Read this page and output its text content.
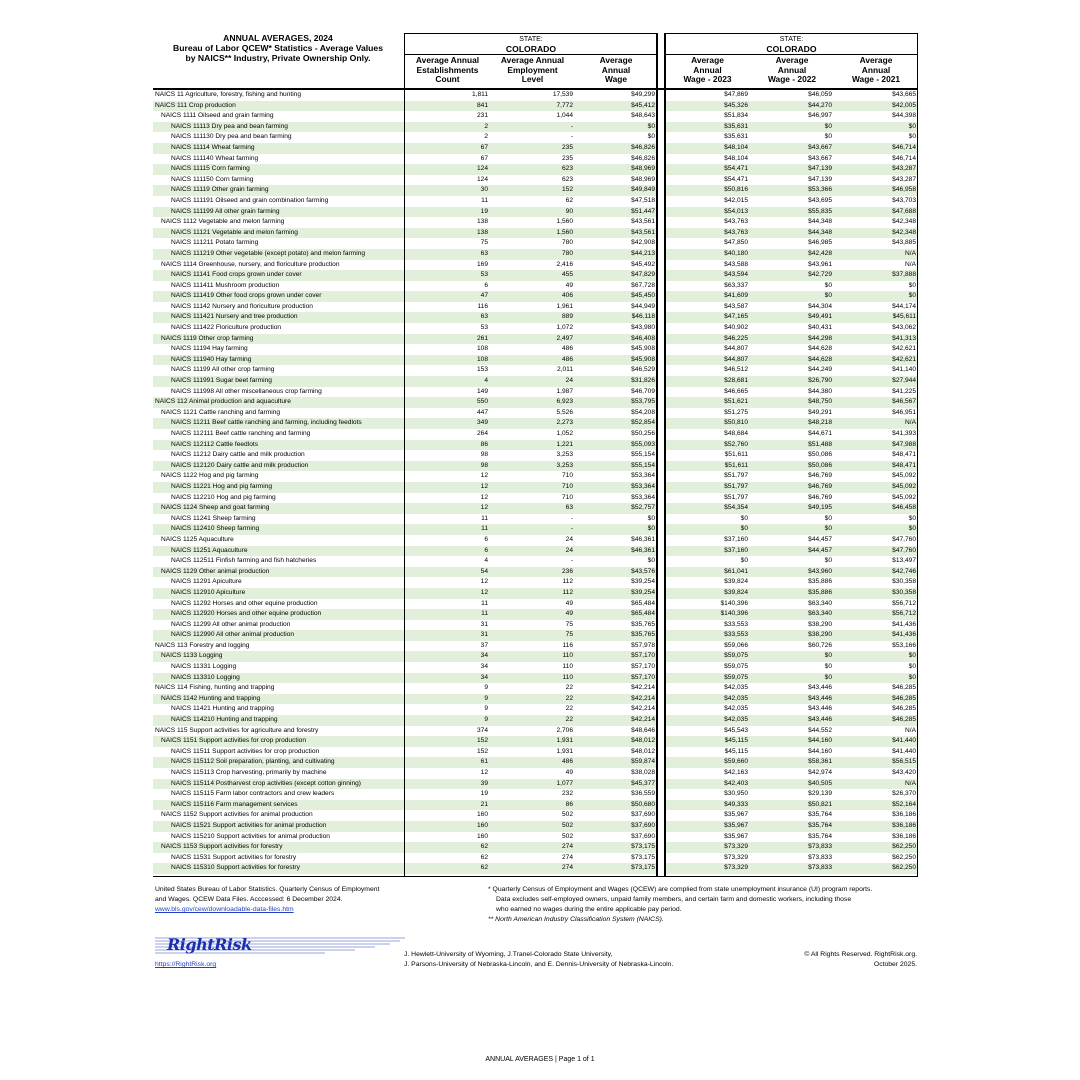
ANNUAL AVERAGES, 2024
Bureau of Labor QCEW* Statistics - Average Values
by NAICS** Industry, Private Ownership Only.
STATE:
COLORADO
STATE:
COLORADO
Average Annual
Establishments
Count
Average Annual
Employment
Level
Average
Annual
Wage
Average
Annual
Wage - 2023
Average
Annual
Wage - 2022
Average
Annual
Wage - 2021
NAICS 11 Agriculture, forestry, fishing and hunting	1,811	17,539	$49,299		$47,869	$46,059	$43,665
NAICS 111 Crop production	841	7,772	$45,412		$45,326	$44,270	$42,005
NAICS 1111 Oilseed and grain farming	231	1,044	$48,643		$51,834	$46,997	$44,398
NAICS 11113 Dry pea and bean farming	2	-	$0		$35,631	$0	$0
NAICS 111130 Dry pea and bean farming	2	-	$0		$35,631	$0	$0
NAICS 11114 Wheat farming	67	235	$46,826		$48,104	$43,667	$46,714
NAICS 111140 Wheat farming	67	235	$46,826		$48,104	$43,667	$46,714
NAICS 11115 Corn farming	124	623	$48,969		$54,471	$47,139	$43,287
NAICS 111150 Corn farming	124	623	$48,969		$54,471	$47,139	$43,287
NAICS 11119 Other grain farming	30	152	$49,849		$50,816	$53,366	$46,958
NAICS 111191 Oilseed and grain combination farming	11	62	$47,518		$42,015	$43,695	$43,703
NAICS 111199 All other grain farming	19	90	$51,447		$54,013	$55,835	$47,688
NAICS 1112 Vegetable and melon farming	138	1,560	$43,561		$43,763	$44,348	$42,348
NAICS 11121 Vegetable and melon farming	138	1,560	$43,561		$43,763	$44,348	$42,348
NAICS 111211 Potato farming	75	780	$42,908		$47,850	$46,985	$43,885
NAICS 111219 Other vegetable (except potato) and melon farming	63	780	$44,213		$40,180	$42,428	N/A
NAICS 1114 Greenhouse, nursery, and floriculture production	169	2,416	$45,492		$43,588	$43,961	N/A
NAICS 11141 Food crops grown under cover	53	455	$47,829		$43,594	$42,729	$37,888
NAICS 111411 Mushroom production	6	49	$67,728		$63,337	$0	$0
NAICS 111419 Other food crops grown under cover	47	406	$45,450		$41,609	$0	$0
NAICS 11142 Nursery and floriculture production	116	1,961	$44,949		$43,587	$44,304	$44,174
NAICS 111421 Nursery and tree production	63	889	$46,118		$47,165	$49,491	$45,611
NAICS 111422 Floriculture production	53	1,072	$43,980		$40,902	$40,431	$43,062
NAICS 1119 Other crop farming	261	2,497	$46,408		$46,225	$44,298	$41,313
NAICS 11194 Hay farming	108	486	$45,908		$44,807	$44,628	$42,621
NAICS 111940 Hay farming	108	486	$45,908		$44,807	$44,628	$42,621
NAICS 11199 All other crop farming	153	2,011	$46,529		$46,512	$44,249	$41,140
NAICS 111991 Sugar beet farming	4	24	$31,826		$28,681	$26,790	$27,944
NAICS 111998 All other miscellaneous crop farming	149	1,987	$46,709		$46,665	$44,380	$41,225
NAICS 112 Animal production and aquaculture	550	6,923	$53,795		$51,621	$48,750	$46,567
NAICS 1121 Cattle ranching and farming	447	5,526	$54,208		$51,275	$49,291	$46,951
NAICS 11211 Beef cattle ranching and farming, including feedlots	349	2,273	$52,854		$50,810	$48,218	N/A
NAICS 112111 Beef cattle ranching and farming	264	1,052	$50,256		$48,684	$44,671	$41,393
NAICS 112112 Cattle feedlots	86	1,221	$55,093		$52,760	$51,488	$47,988
NAICS 11212 Dairy cattle and milk production	98	3,253	$55,154		$51,611	$50,086	$48,471
NAICS 112120 Dairy cattle and milk production	98	3,253	$55,154		$51,611	$50,086	$48,471
NAICS 1122 Hog and pig farming	12	710	$53,364		$51,797	$46,769	$45,092
NAICS 11221 Hog and pig farming	12	710	$53,364		$51,797	$46,769	$45,092
NAICS 112210 Hog and pig farming	12	710	$53,364		$51,797	$46,769	$45,092
NAICS 1124 Sheep and goat farming	12	63	$52,757		$54,354	$49,195	$46,458
NAICS 11241 Sheep farming	11	-	$0		$0	$0	$0
NAICS 112410 Sheep farming	11	-	$0		$0	$0	$0
NAICS 1125 Aquaculture	6	24	$46,361		$37,160	$44,457	$47,760
NAICS 11251 Aquaculture	6	24	$46,361		$37,160	$44,457	$47,760
NAICS 112511 Finfish farming and fish hatcheries	4	-	$0		$0	$0	$13,497
NAICS 1129 Other animal production	54	236	$43,576		$61,041	$43,960	$42,746
NAICS 11291 Apiculture	12	112	$39,254		$39,824	$35,886	$30,358
NAICS 112910 Apiculture	12	112	$39,254		$39,824	$35,886	$30,358
NAICS 11292 Horses and other equine production	11	49	$65,484		$140,396	$63,340	$56,712
NAICS 112920 Horses and other equine production	11	49	$65,484		$140,396	$63,340	$56,712
NAICS 11299 All other animal production	31	75	$35,765		$33,553	$38,290	$41,436
NAICS 112990 All other animal production	31	75	$35,765		$33,553	$38,290	$41,436
NAICS 113 Forestry and logging	37	116	$57,978		$59,066	$60,726	$53,166
NAICS 1133 Logging	34	110	$57,170		$59,075	$0	$0
NAICS 11331 Logging	34	110	$57,170		$59,075	$0	$0
NAICS 113310 Logging	34	110	$57,170		$59,075	$0	$0
NAICS 114 Fishing, hunting and trapping	9	22	$42,214		$42,035	$43,446	$46,285
NAICS 1142 Hunting and trapping	9	22	$42,214		$42,035	$43,446	$46,285
NAICS 11421 Hunting and trapping	9	22	$42,214		$42,035	$43,446	$46,285
NAICS 114210 Hunting and trapping	9	22	$42,214		$42,035	$43,446	$46,285
NAICS 115 Support activities for agriculture and forestry	374	2,706	$48,646		$45,543	$44,552	N/A
NAICS 1151 Support activities for crop production	152	1,931	$48,012		$45,115	$44,160	$41,440
NAICS 11511 Support activities for crop production	152	1,931	$48,012		$45,115	$44,160	$41,440
NAICS 115112 Soil preparation, planting, and cultivating	61	486	$59,874		$59,660	$58,361	$56,515
NAICS 115113 Crop harvesting, primarily by machine	12	49	$38,028		$42,163	$42,974	$43,420
NAICS 115114 Postharvest crop activities (except cotton ginning)	39	1,077	$45,377		$42,403	$40,505	N/A
NAICS 115115 Farm labor contractors and crew leaders	19	232	$36,559		$30,950	$29,139	$26,370
NAICS 115116 Farm management services	21	86	$50,680		$49,333	$50,821	$52,164
NAICS 1152 Support activities for animal production	160	502	$37,690		$35,967	$35,764	$36,186
NAICS 11521 Support activities for animal production	160	502	$37,690		$35,967	$35,764	$36,186
NAICS 115210 Support activities for animal production	160	502	$37,690		$35,967	$35,764	$36,186
NAICS 1153 Support activities for forestry	62	274	$73,175		$73,329	$73,833	$62,250
NAICS 11531 Support activities for forestry	62	274	$73,175		$73,329	$73,833	$62,250
NAICS 115310 Support activities for forestry	62	274	$73,175		$73,329	$73,833	$62,250
United States Bureau of Labor Statistics. Quarterly Census of Employment
and Wages. QCEW Data Files. Acccessed: 6 December 2024.
www.bls.gov/cew/downloadable-data-files.htm
* Quarterly Census of Employment and Wages (QCEW) are complied from state unemployment insurance (UI) program reports.
Data excludes self-employed owners, unpaid family members, and certain farm and domestic workers, including those
who earned no wages during the entire applicable pay period.
** North American Industry Classification System (NAICS).
RightRisk
https://RightRisk.org
J. Hewlett-University of Wyoming, J.Tranel-Colorado State University,
J. Parsons-University of Nebraska-Lincoln, and E. Dennis-University of Nebraska-Lincoln.
© All Rights Reserved. RightRisk.org.
October 2025.
ANNUAL AVERAGES | Page 1 of 1
